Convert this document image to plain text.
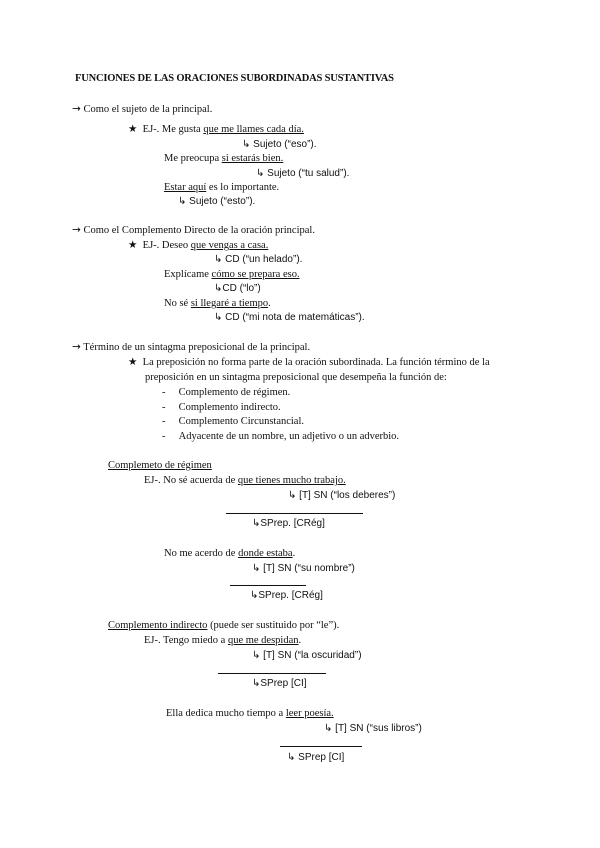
FUNCIONES DE LAS ORACIONES SUBORDINADAS SUSTANTIVAS
→ Como el sujeto de la principal.
★ EJ-. Me gusta que me llames cada día.
↳ Sujeto (“eso”).
Me preocupa si estarás bien.
↳ Sujeto (“tu salud”).
Estar aquí es lo importante.
↳ Sujeto (“esto”).
→ Como el Complemento Directo de la oración principal.
★ EJ-. Deseo que vengas a casa.
↳ CD (“un helado”).
Explícame cómo se prepara eso.
↳CD (“lo”)
No sé si llegaré a tiempo.
↳ CD (“mi nota de matemáticas”).
→ Término de un sintagma preposicional de la principal.
★ La preposición no forma parte de la oración subordinada. La función término de la
preposición en un sintagma preposicional que desempeña la función de:
-     Complemento de régimen.
-     Complemento indirecto.
-     Complemento Circunstancial.
-     Adyacente de un nombre, un adjetivo o un adverbio.
Complemeto de régimen
EJ-. No sé acuerda de que tienes mucho trabajo.
↳ [T] SN (“los deberes”)
↳SPrep. [CRég]
No me acerdo de donde estaba.
↳ [T] SN (“su nombre”)
↳SPrep. [CRég]
Complemento indirecto (puede ser sustituido por “le”).
EJ-. Tengo miedo a que me despidan.
↳ [T] SN (“la oscuridad”)
↳SPrep [CI]
Ella dedica mucho tiempo a leer poesía.
↳ [T] SN (“sus libros”)
↳ SPrep [CI]
